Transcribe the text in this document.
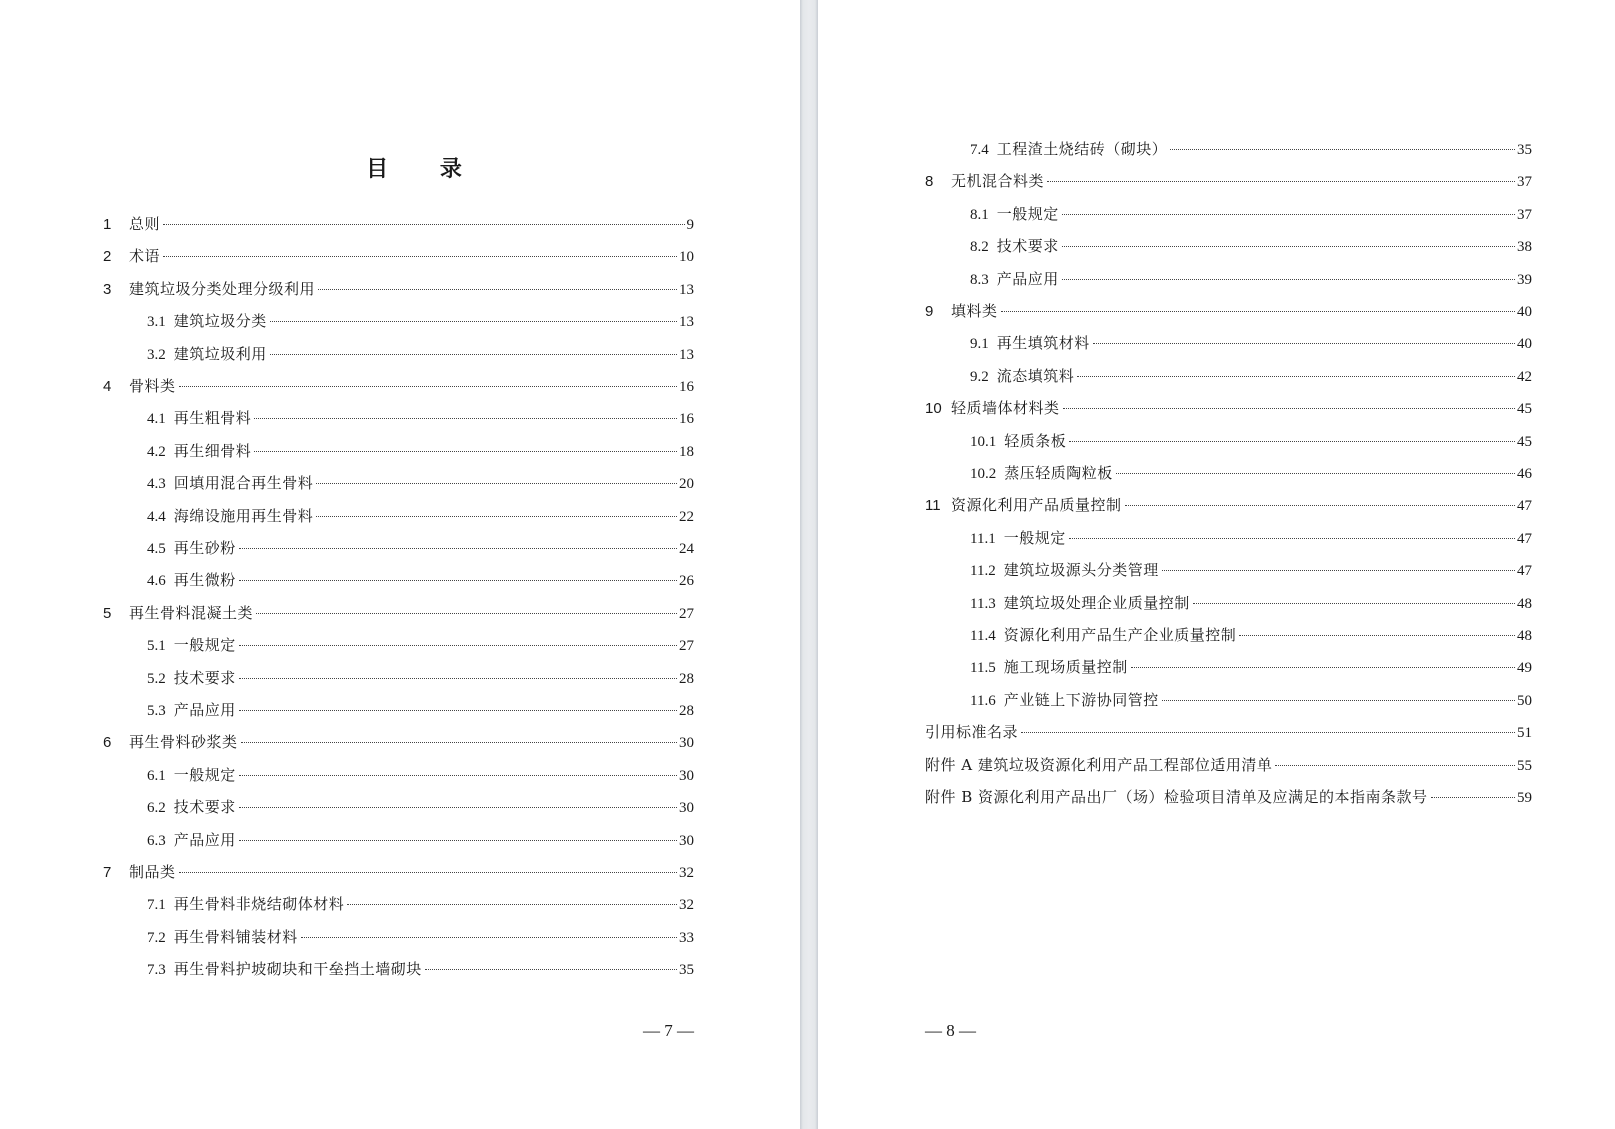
目 录
1	总则	9
2	术语	10
3	建筑垃圾分类处理分级利用	13
3.1 建筑垃圾分类	13
3.2 建筑垃圾利用	13
4	骨料类	16
4.1 再生粗骨料	16
4.2 再生细骨料	18
4.3 回填用混合再生骨料	20
4.4 海绵设施用再生骨料	22
4.5 再生砂粉	24
4.6 再生微粉	26
5	再生骨料混凝土类	27
5.1 一般规定	27
5.2 技术要求	28
5.3 产品应用	28
6	再生骨料砂浆类	30
6.1 一般规定	30
6.2 技术要求	30
6.3 产品应用	30
7	制品类	32
7.1 再生骨料非烧结砌体材料	32
7.2 再生骨料铺装材料	33
7.3 再生骨料护坡砌块和干垒挡土墙砌块	35
— 7 —
7.4 工程渣土烧结砖（砌块）	35
8	无机混合料类	37
8.1 一般规定	37
8.2 技术要求	38
8.3 产品应用	39
9	填料类	40
9.1 再生填筑材料	40
9.2 流态填筑料	42
10 轻质墙体材料类	45
10.1 轻质条板	45
10.2 蒸压轻质陶粒板	46
11 资源化利用产品质量控制	47
11.1 一般规定	47
11.2 建筑垃圾源头分类管理	47
11.3 建筑垃圾处理企业质量控制	48
11.4 资源化利用产品生产企业质量控制	48
11.5 施工现场质量控制	49
11.6 产业链上下游协同管控	50
引用标准名录	51
附件 A 建筑垃圾资源化利用产品工程部位适用清单	55
附件 B 资源化利用产品出厂（场）检验项目清单及应满足的本指南条款号	59
— 8 —
